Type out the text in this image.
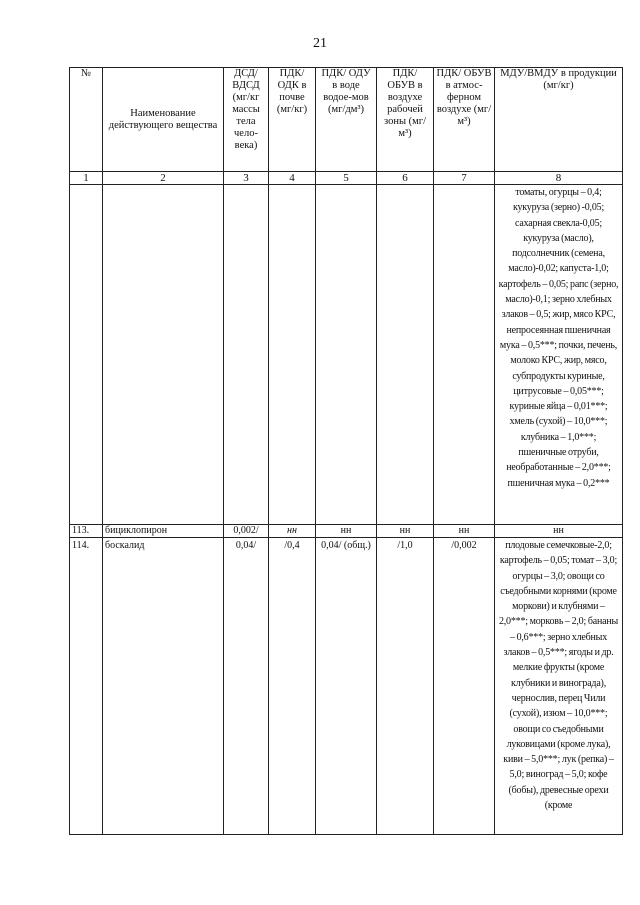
21
№	Наименование действующего вещества	ДСД/ ВДСД (мг/кг массы тела чело-века)	ПДК/ ОДК в почве (мг/кг)	ПДК/ ОДУ в воде водое-мов (мг/дм³)	ПДК/ ОБУВ в воздухе рабочей зоны (мг/м³)	ПДК/ ОБУВ в атмос-ферном воздухе (мг/м³)	МДУ/ВМДУ в продукции (мг/кг)
1	2	3	4	5	6	7	8
							томаты, огурцы – 0,4; кукуруза (зерно) -0,05; сахарная свекла-0,05; кукуруза (масло), подсолнечник (семена, масло)-0,02; капуста-1,0; картофель – 0,05; рапс (зерно, масло)-0,1; зерно хлебных злаков – 0,5; жир, мясо КРС, непросеянная пшеничная мука – 0,5***; почки, печень, молоко КРС, жир, мясо, субпродукты куриные, цитрусовые – 0,05***; куриные яйца – 0,01***; хмель (сухой) – 10,0***; клубника – 1,0***; пшеничные отруби, необработанные – 2,0***; пшеничная мука – 0,2***
113.	бициклопирон	0,002/	нн	нн	нн	нн	нн
114.	боскалид	0,04/	/0,4	0,04/ (общ.)	/1,0	/0,002	плодовые семечковые-2,0; картофель – 0,05; томат – 3,0; огурцы – 3,0; овощи со съедобными корнями (кроме моркови) и клубнями – 2,0***; морковь – 2,0; бананы – 0,6***; зерно хлебных злаков – 0,5***; ягоды и др. мелкие фрукты (кроме клубники и винограда), чернослив, перец Чили (сухой), изюм – 10,0***; овощи со съедобными луковицами (кроме лука), киви – 5,0***; лук (репка) – 5,0; виноград – 5,0; кофе (бобы), древесные орехи (кроме
